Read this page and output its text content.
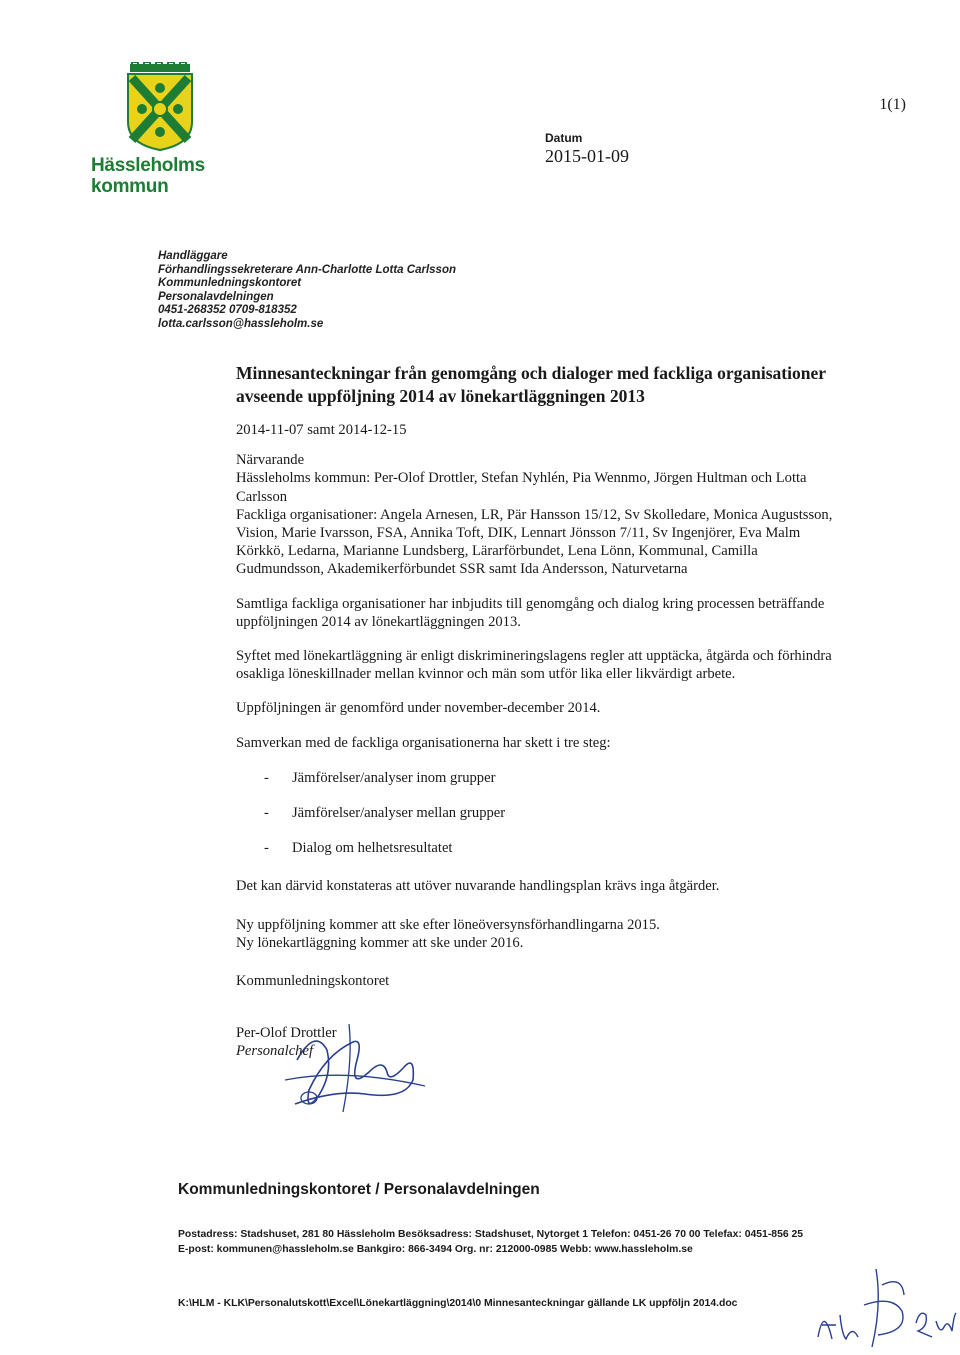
Hässleholms
kommun
1(1)
Datum
2015-01-09
Handläggare
Förhandlingssekreterare Ann-Charlotte Lotta Carlsson
Kommunledningskontoret
Personalavdelningen
0451-268352 0709-818352
lotta.carlsson@hassleholm.se
Minnesanteckningar från genomgång och dialoger med fackliga organisationer avseende uppföljning 2014 av lönekartläggningen 2013

2014-11-07 samt 2014-12-15

Närvarande

Hässleholms kommun: Per-Olof Drottler, Stefan Nyhlén, Pia Wennmo, Jörgen Hultman och Lotta Carlsson

Fackliga organisationer: Angela Arnesen, LR, Pär Hansson 15/12, Sv Skolledare, Monica Augustsson, Vision, Marie Ivarsson, FSA, Annika Toft, DIK, Lennart Jönsson 7/11, Sv Ingenjörer, Eva Malm Körkkö, Ledarna, Marianne Lundsberg, Lärarförbundet, Lena Lönn, Kommunal, Camilla Gudmundsson, Akademikerförbundet SSR samt Ida Andersson, Naturvetarna

Samtliga fackliga organisationer har inbjudits till genomgång och dialog kring processen beträffande uppföljningen 2014 av lönekartläggningen 2013.

Syftet med lönekartläggning är enligt diskrimineringslagens regler att upptäcka, åtgärda och förhindra osakliga löneskillnader mellan kvinnor och män som utför lika eller likvärdigt arbete.

Uppföljningen är genomförd under november-december 2014.

Samverkan med de fackliga organisationerna har skett i tre steg:

-	Jämförelser/analyser inom grupper
-	Jämförelser/analyser mellan grupper
-	Dialog om helhetsresultatet

Det kan därvid konstateras att utöver nuvarande handlingsplan krävs inga åtgärder.

Ny uppföljning kommer att ske efter löneöversynsförhandlingarna 2015.

Ny lönekartläggning kommer att ske under 2016.

Kommunledningskontoret

Per-Olof Drottler

Personalchef

Kommunledningskontoret / Personalavdelningen
Postadress: Stadshuset, 281 80 Hässleholm Besöksadress: Stadshuset, Nytorget 1 Telefon: 0451-26 70 00 Telefax: 0451-856 25
E-post: kommunen@hassleholm.se Bankgiro: 866-3494 Org. nr: 212000-0985 Webb: www.hassleholm.se
K:\HLM - KLK\Personalutskott\Excel\Lönekartläggning\2014\0 Minnesanteckningar gällande LK uppföljn 2014.doc
